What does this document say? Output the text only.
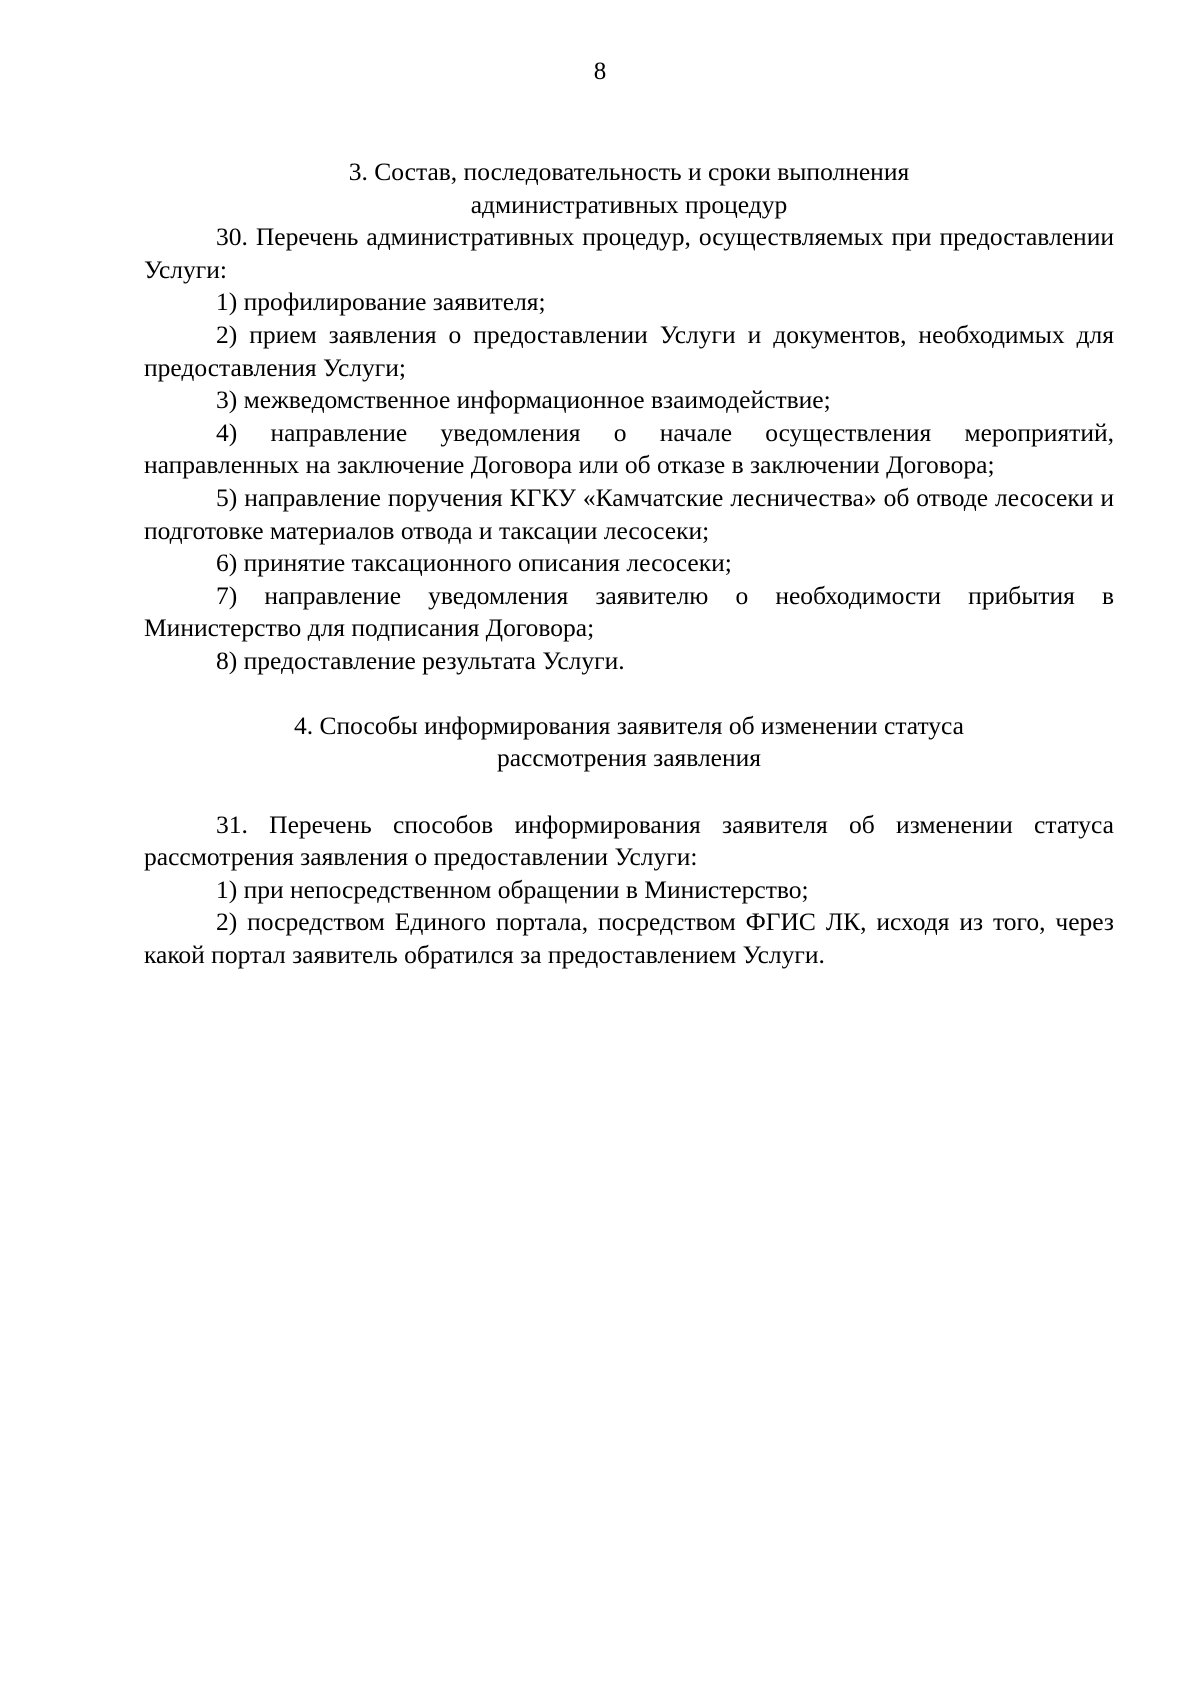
8
3. Состав, последовательность и сроки выполнения
административных процедур

30. Перечень административных процедур, осуществляемых при предоставлении Услуги:

1) профилирование заявителя;

2) прием заявления о предоставлении Услуги и документов, необходимых для предоставления Услуги;

3) межведомственное информационное взаимодействие;

4) направление уведомления о начале осуществления мероприятий, направленных на заключение Договора или об отказе в заключении Договора;

5) направление поручения КГКУ «Камчатские лесничества» об отводе лесосеки и подготовке материалов отвода и таксации лесосеки;

6) принятие таксационного описания лесосеки;

7) направление уведомления заявителю о необходимости прибытия в Министерство для подписания Договора;

8) предоставление результата Услуги.

4. Способы информирования заявителя об изменении статуса
рассмотрения заявления

31. Перечень способов информирования заявителя об изменении статуса рассмотрения заявления о предоставлении Услуги:

1) при непосредственном обращении в Министерство;

2) посредством Единого портала, посредством ФГИС ЛК, исходя из того, через какой портал заявитель обратился за предоставлением Услуги.
